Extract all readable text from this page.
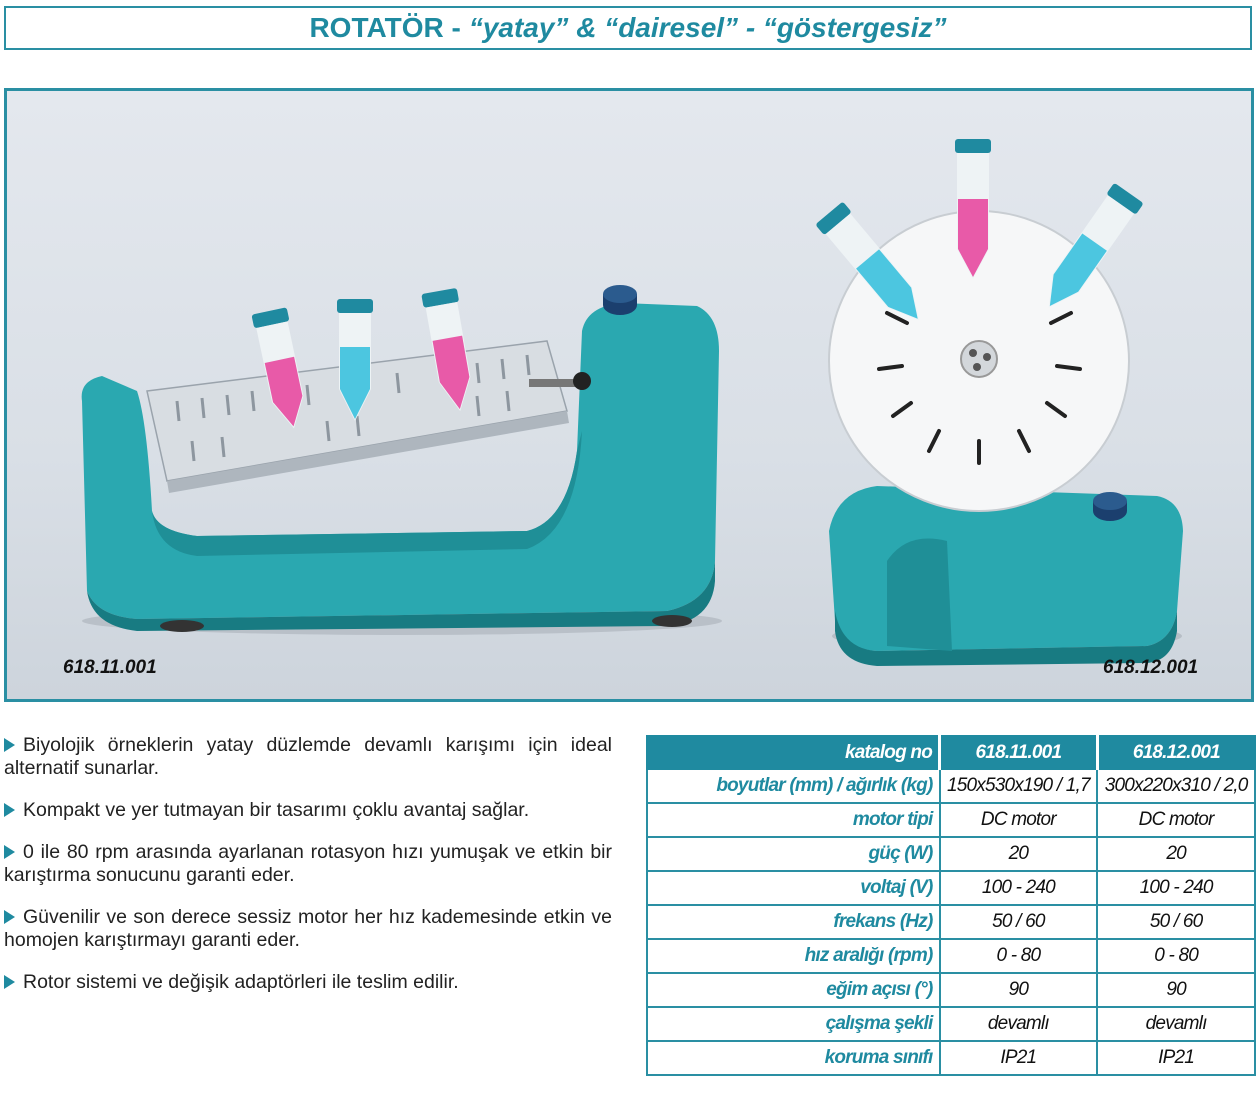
ROTATÖR - “yatay” & “dairesel” - “göstergesiz”
618.11.001	618.12.001
Biyolojik örneklerin yatay düzlemde devamlı karışımı için ideal alternatif sunarlar.
Kompakt ve yer tutmayan bir tasarımı çoklu avantaj sağlar.
0 ile 80 rpm arasında ayarlanan rotasyon hızı yumuşak ve etkin bir karıştırma sonucunu garanti eder.
Güvenilir ve son derece sessiz motor her hız kademesinde etkin ve homojen karıştırmayı garanti eder.
Rotor sistemi ve değişik adaptörleri ile teslim edilir.
katalog no	618.11.001	618.12.001
boyutlar (mm) / ağırlık (kg)	150x530x190 / 1,7	300x220x310 / 2,0
motor tipi	DC motor	DC motor
güç (W)	20	20
voltaj (V)	100 - 240	100 - 240
frekans (Hz)	50 / 60	50 / 60
hız aralığı (rpm)	0 - 80	0 - 80
eğim açısı (°)	90	90
çalışma şekli	devamlı	devamlı
koruma sınıfı	IP21	IP21
